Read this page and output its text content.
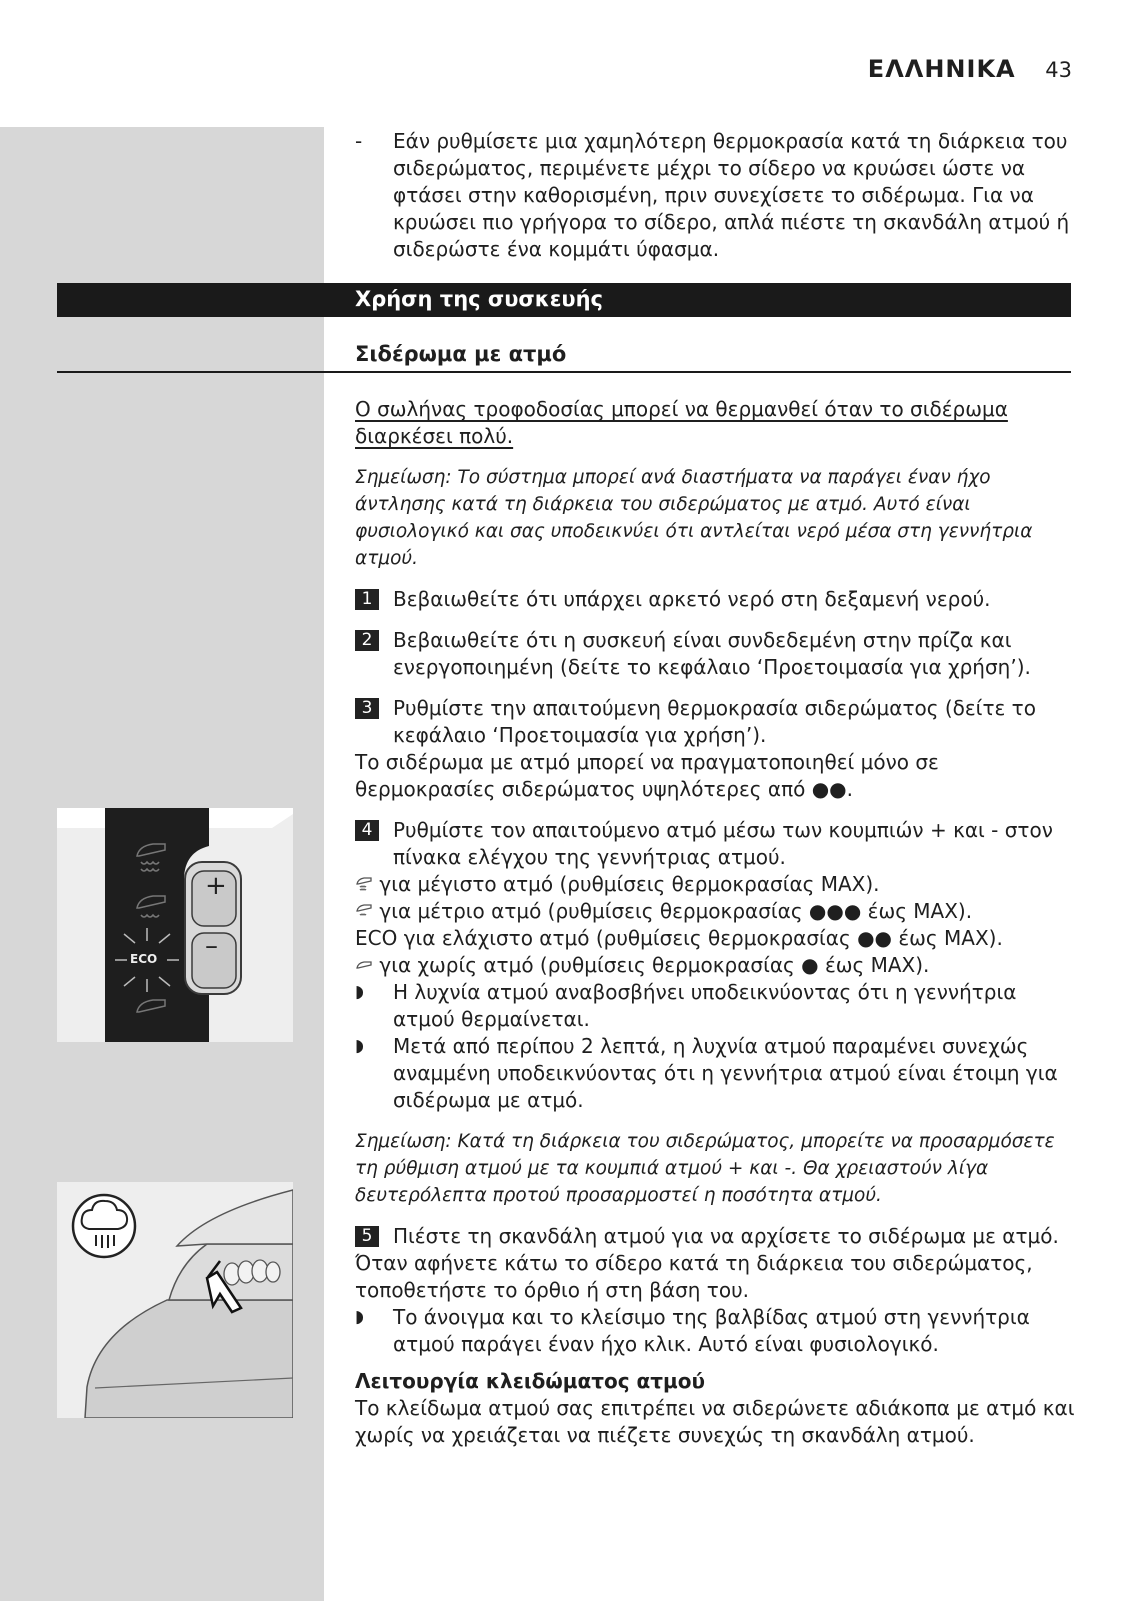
ΕΛΛΗΝΙΚΑ 43
- Εάν ρυθμίσετε μια χαμηλότερη θερμοκρασία κατά τη διάρκεια του σιδερώματος, περιμένετε μέχρι το σίδερο να κρυώσει ώστε να φτάσει στην καθορισμένη, πριν συνεχίσετε το σιδέρωμα. Για να κρυώσει πιο γρήγορα το σίδερο, απλά πιέστε τη σκανδάλη ατμού ή σιδερώστε ένα κομμάτι ύφασμα.
Χρήση της συσκευής
Σιδέρωμα με ατμό
Ο σωλήνας τροφοδοσίας μπορεί να θερμανθεί όταν το σιδέρωμα διαρκέσει πολύ.
Σημείωση: Το σύστημα μπορεί ανά διαστήματα να παράγει έναν ήχο άντλησης κατά τη διάρκεια του σιδερώματος με ατμό. Αυτό είναι φυσιολογικό και σας υποδεικνύει ότι αντλείται νερό μέσα στη γεννήτρια ατμού.
1	Βεβαιωθείτε ότι υπάρχει αρκετό νερό στη δεξαμενή νερού.
2	Βεβαιωθείτε ότι η συσκευή είναι συνδεδεμένη στην πρίζα και ενεργοποιημένη (δείτε το κεφάλαιο ‘Προετοιμασία για χρήση’).
3	Ρυθμίστε την απαιτούμενη θερμοκρασία σιδερώματος (δείτε το κεφάλαιο ‘Προετοιμασία για χρήση’).
Το σιδέρωμα με ατμό μπορεί να πραγματοποιηθεί μόνο σε θερμοκρασίες σιδερώματος υψηλότερες από ●●.
4	Ρυθμίστε τον απαιτούμενο ατμό μέσω των κουμπιών + και - στον πίνακα ελέγχου της γεννήτριας ατμού.
για μέγιστο ατμό (ρυθμίσεις θερμοκρασίας MAX).
για μέτριο ατμό (ρυθμίσεις θερμοκρασίας ●●● έως MAX).
ECO για ελάχιστο ατμό (ρυθμίσεις θερμοκρασίας ●● έως MAX).
για χωρίς ατμό (ρυθμίσεις θερμοκρασίας ● έως MAX).
◗ Η λυχνία ατμού αναβοσβήνει υποδεικνύοντας ότι η γεννήτρια ατμού θερμαίνεται.
◗ Μετά από περίπου 2 λεπτά, η λυχνία ατμού παραμένει συνεχώς αναμμένη υποδεικνύοντας ότι η γεννήτρια ατμού είναι έτοιμη για σιδέρωμα με ατμό.
Σημείωση: Κατά τη διάρκεια του σιδερώματος, μπορείτε να προσαρμόσετε τη ρύθμιση ατμού με τα κουμπιά ατμού + και -. Θα χρειαστούν λίγα δευτερόλεπτα προτού προσαρμοστεί η ποσότητα ατμού.
5	Πιέστε τη σκανδάλη ατμού για να αρχίσετε το σιδέρωμα με ατμό.
Όταν αφήνετε κάτω το σίδερο κατά τη διάρκεια του σιδερώματος, τοποθετήστε το όρθιο ή στη βάση του.
◗ Το άνοιγμα και το κλείσιμο της βαλβίδας ατμού στη γεννήτρια ατμού παράγει έναν ήχο κλικ. Αυτό είναι φυσιολογικό.
Λειτουργία κλειδώματος ατμού
Το κλείδωμα ατμού σας επιτρέπει να σιδερώνετε αδιάκοπα με ατμό και χωρίς να χρειάζεται να πιέζετε συνεχώς τη σκανδάλη ατμού.
+
–
ECO
